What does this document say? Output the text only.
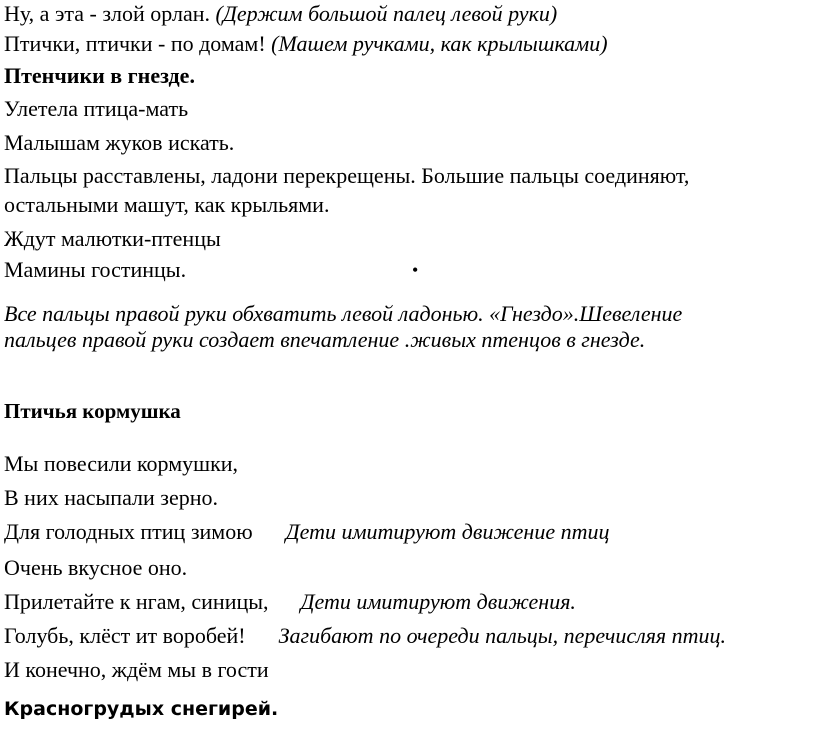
Ну, а эта - злой орлан. (Держим большой палец левой руки)
Птички, птички - по домам! (Машем ручками, как крылышками)
Птенчики в гнезде.
Улетела птица-мать
Малышам жуков искать.
Пальцы расставлены, ладони перекрещены. Большие пальцы соединяют,
остальными машут, как крыльями.
Ждут малютки-птенцы
Мамины гостинцы.	•
Все пальцы правой руки обхватить левой ладонью. «Гнездо».Шевеление
пальцев правой руки создает впечатление .живых птенцов в гнезде.
Птичья кормушка
Мы повесили кормушки,
В них насыпали зерно.
Для голодных птиц зимою Дети имитируют движение птиц
Очень вкусное оно.
Прилетайте к нгам, синицы, Дети имитируют движения.
Голубь, клёст ит воробей! Загибают по очереди пальцы, перечисляя птиц.
И конечно, ждём мы в гости
Красногрудых снегирей.
